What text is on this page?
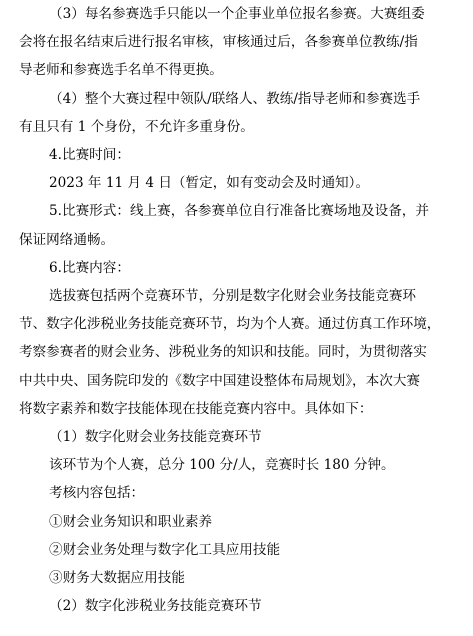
（3）每名参赛选手只能以一个企事业单位报名参赛。大赛组委
会将在报名结束后进行报名审核，审核通过后，各参赛单位教练/指
导老师和参赛选手名单不得更换。
（4）整个大赛过程中领队/联络人、教练/指导老师和参赛选手
有且只有 1 个身份，不允许多重身份。
4.比赛时间：
2023 年 11 月 4 日（暂定，如有变动会及时通知）。
5.比赛形式：线上赛，各参赛单位自行准备比赛场地及设备，并
保证网络通畅。
6.比赛内容：
选拔赛包括两个竞赛环节，分别是数字化财会业务技能竞赛环
节、数字化涉税业务技能竞赛环节，均为个人赛。通过仿真工作环境，
考察参赛者的财会业务、涉税业务的知识和技能。同时，为贯彻落实
中共中央、国务院印发的《数字中国建设整体布局规划》，本次大赛
将数字素养和数字技能体现在技能竞赛内容中。具体如下：
（1）数字化财会业务技能竞赛环节
该环节为个人赛，总分 100 分/人，竞赛时长 180 分钟。
考核内容包括：
①财会业务知识和职业素养
②财会业务处理与数字化工具应用技能
③财务大数据应用技能
（2）数字化涉税业务技能竞赛环节
